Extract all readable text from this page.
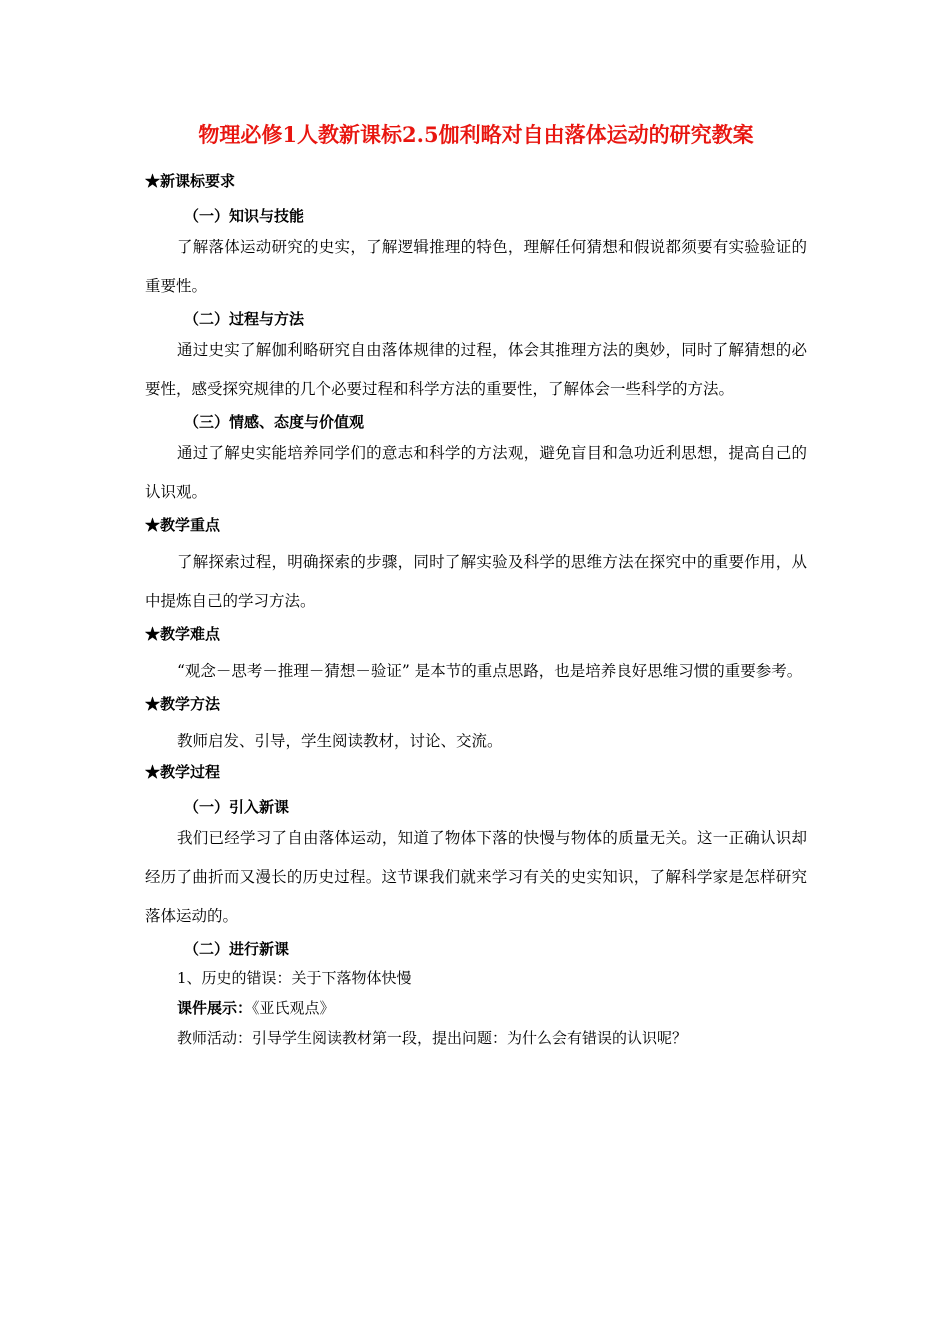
物理必修1人教新课标2.5伽利略对自由落体运动的研究教案
★新课标要求
（一）知识与技能
了解落体运动研究的史实，了解逻辑推理的特色，理解任何猜想和假说都须要有实验验证的重要性。
（二）过程与方法
通过史实了解伽利略研究自由落体规律的过程，体会其推理方法的奥妙，同时了解猜想的必要性，感受探究规律的几个必要过程和科学方法的重要性，了解体会一些科学的方法。
（三）情感、态度与价值观
通过了解史实能培养同学们的意志和科学的方法观，避免盲目和急功近利思想，提高自己的认识观。
★教学重点
了解探索过程，明确探索的步骤，同时了解实验及科学的思维方法在探究中的重要作用，从中提炼自己的学习方法。
★教学难点
“观念－思考－推理－猜想－验证” 是本节的重点思路，也是培养良好思维习惯的重要参考。
★教学方法
教师启发、引导，学生阅读教材，讨论、交流。
★教学过程
（一）引入新课
我们已经学习了自由落体运动，知道了物体下落的快慢与物体的质量无关。这一正确认识却经历了曲折而又漫长的历史过程。这节课我们就来学习有关的史实知识，了解科学家是怎样研究落体运动的。
（二）进行新课
1、历史的错误：关于下落物体快慢
课件展示：《亚氏观点》
教师活动：引导学生阅读教材第一段，提出问题：为什么会有错误的认识呢？
